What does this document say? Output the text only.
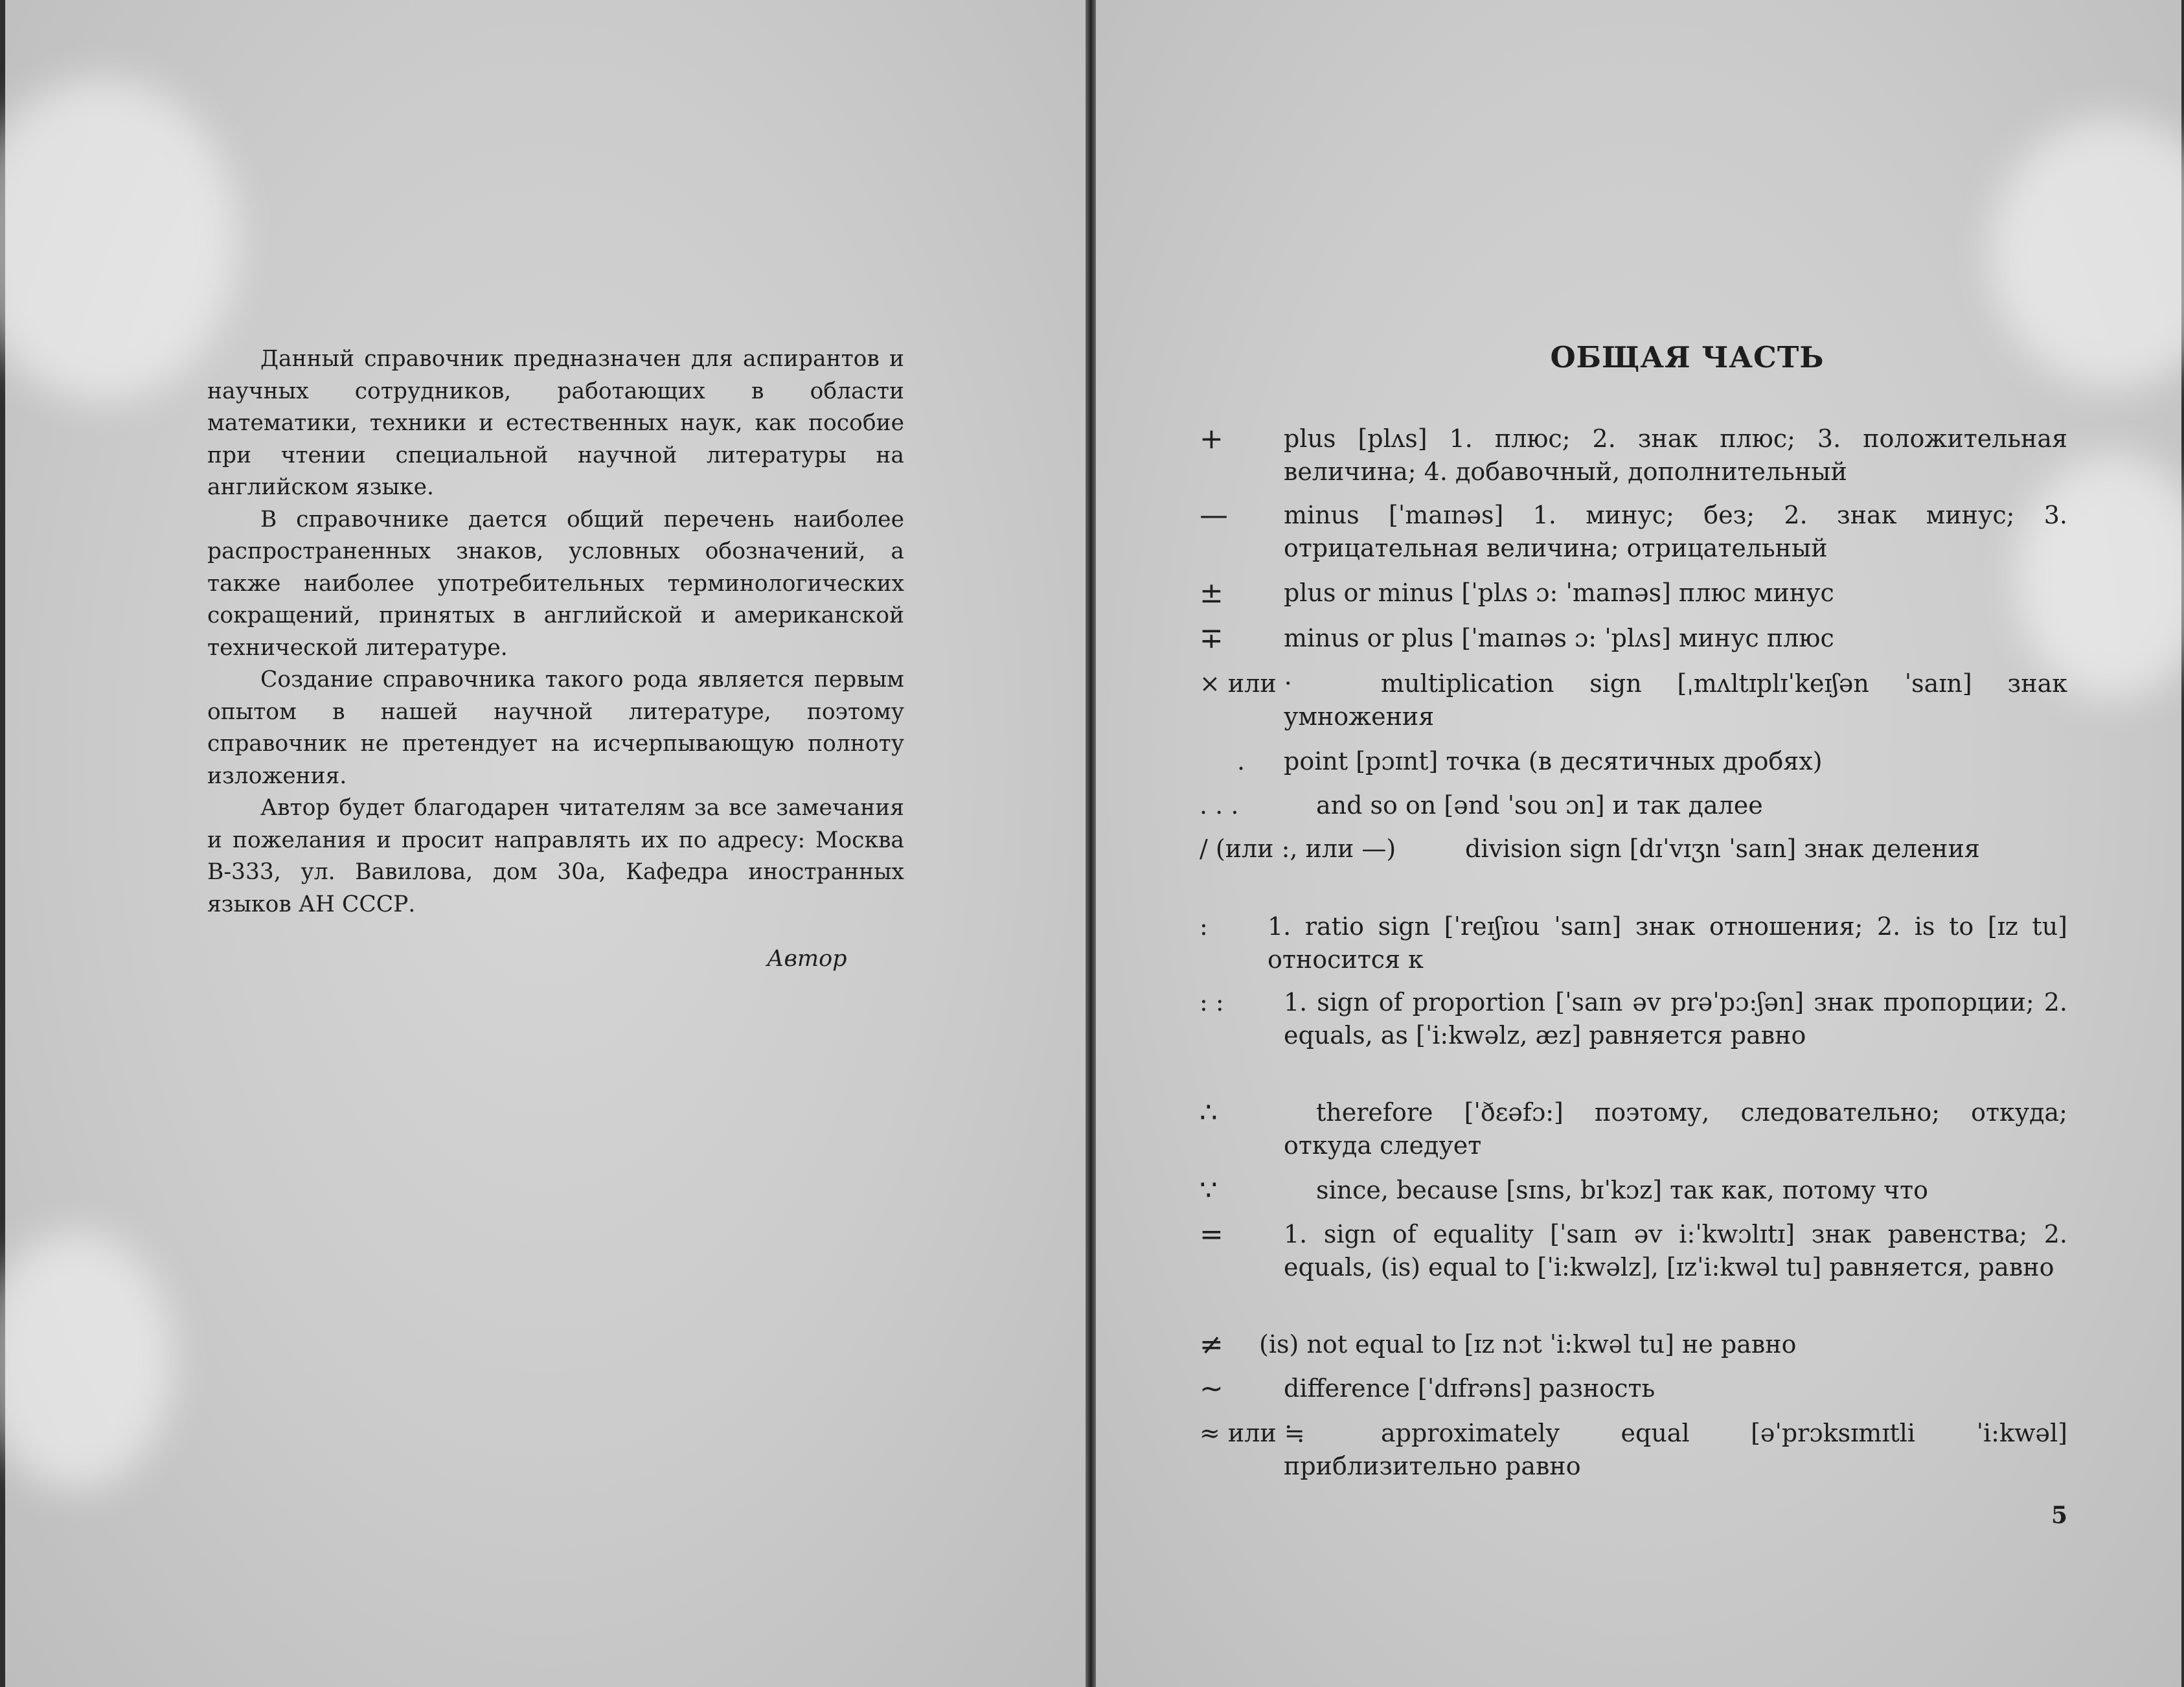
Данный справочник предназначен для аспирантов и научных сотрудников, работающих в области математики, техники и естественных наук, как пособие при чтении специальной научной литературы на английском языке.

В справочнике дается общий перечень наиболее распространенных знаков, условных обозначений, а также наиболее употребительных терминологических сокращений, принятых в английской и американской технической литературе.

Создание справочника такого рода является первым опытом в нашей научной литературе, поэтому справочник не претендует на исчерпывающую полноту изложения.

Автор будет благодарен читателям за все замечания и пожелания и просит направлять их по адресу: Москва В-333, ул. Вавилова, дом 30а, Кафедра иностранных языков АН СССР.

Автор
ОБЩАЯ ЧАСТЬ
+ plus [plʌs] 1. плюс; 2. знак плюс; 3. положительная величина; 4. добавочный, дополнительный
— minus [ˈmaɪnəs] 1. минус; без; 2. знак минус; 3. отрицательная величина; отрицательный
± plus or minus [ˈplʌs ɔ: ˈmaɪnəs] плюс минус
∓ minus or plus [ˈmaɪnəs ɔ: ˈplʌs] минус плюс
× или ·	multiplication sign [ˌmʌltɪplɪˈkeɪʃən ˈsaɪn] знак умножения
. point [pɔɪnt] точка (в десятичных дробях)
. . .	and so on [ənd ˈsou ɔn] и так далее
/ (или :, или —)	division sign [dɪˈvɪʒn ˈsaɪn] знак деления
: 1. ratio sign [ˈreɪʃɪou ˈsaɪn] знак отношения; 2. is to [ɪz tu] относится к
: : 1. sign of proportion [ˈsaɪn əv prəˈpɔ:ʃən] знак пропорции; 2. equals, as [ˈi:kwəlz, æz] равняется равно
∴	therefore [ˈðɛəfɔ:] поэтому, следовательно; откуда; откуда следует
∵	since, because [sɪns, bɪˈkɔz] так как, потому что
= 1. sign of equality [ˈsaɪn əv i:ˈkwɔlɪtɪ] знак равенства; 2. equals, (is) equal to [ˈi:kwəlz], [ɪzˈi:kwəl tu] равняется, равно
≠ (is) not equal to [ɪz nɔt ˈi:kwəl tu] не равно
∼ difference [ˈdɪfrəns] разность
≈ или ≒	approximately equal [əˈprɔksɪmɪtli ˈi:kwəl] приблизительно равно
5
